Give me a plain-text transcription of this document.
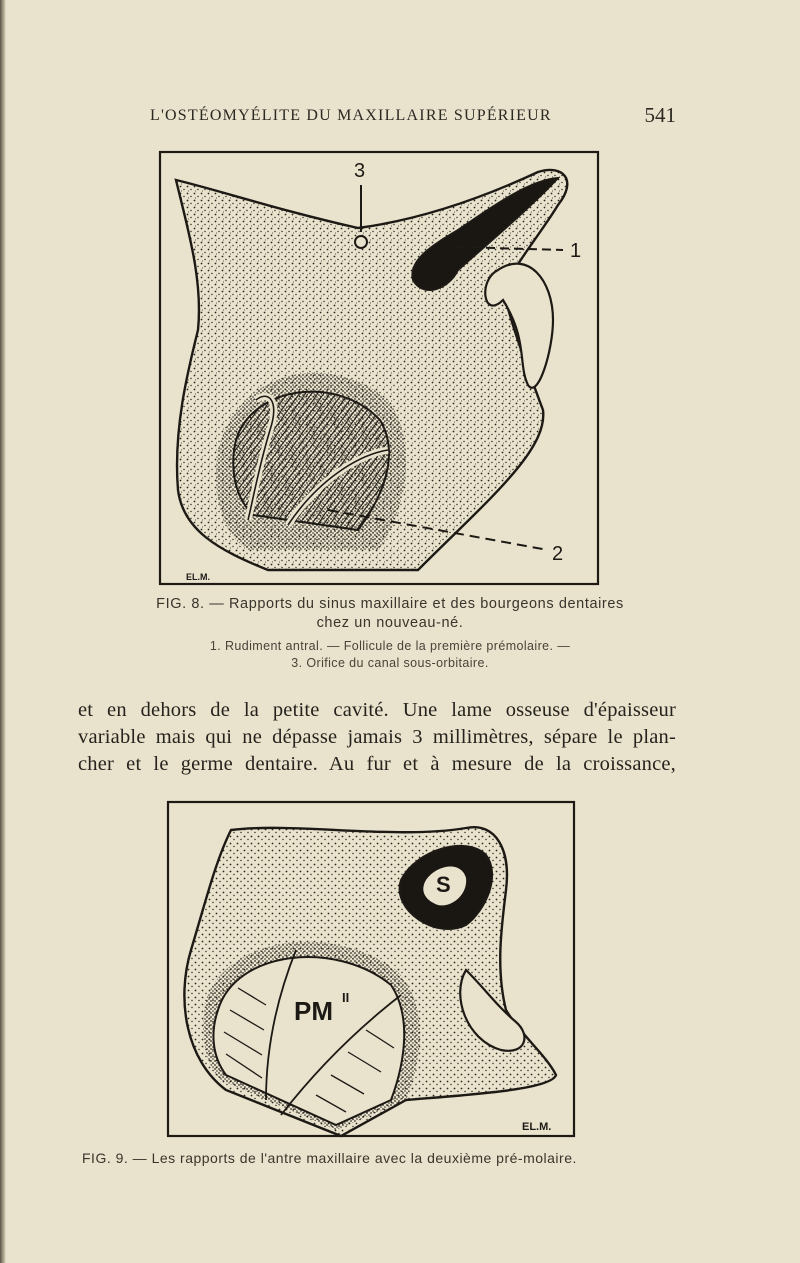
L'OSTÉOMYÉLITE DU MAXILLAIRE SUPÉRIEUR	541
3
1
2
EL.M.
FIG. 8. — Rapports du sinus maxillaire et des bourgeons dentaires
chez un nouveau-né.
1. Rudiment antral. — Follicule de la première prémolaire. —
3. Orifice du canal sous-orbitaire.
et en dehors de la petite cavité. Une lame osseuse d'épaisseur
variable mais qui ne dépasse jamais 3 millimètres, sépare le plan-
cher et le germe dentaire. Au fur et à mesure de la croissance,
S
PM II
EL.M.
FIG. 9. — Les rapports de l'antre maxillaire avec la deuxième pré-molaire.
